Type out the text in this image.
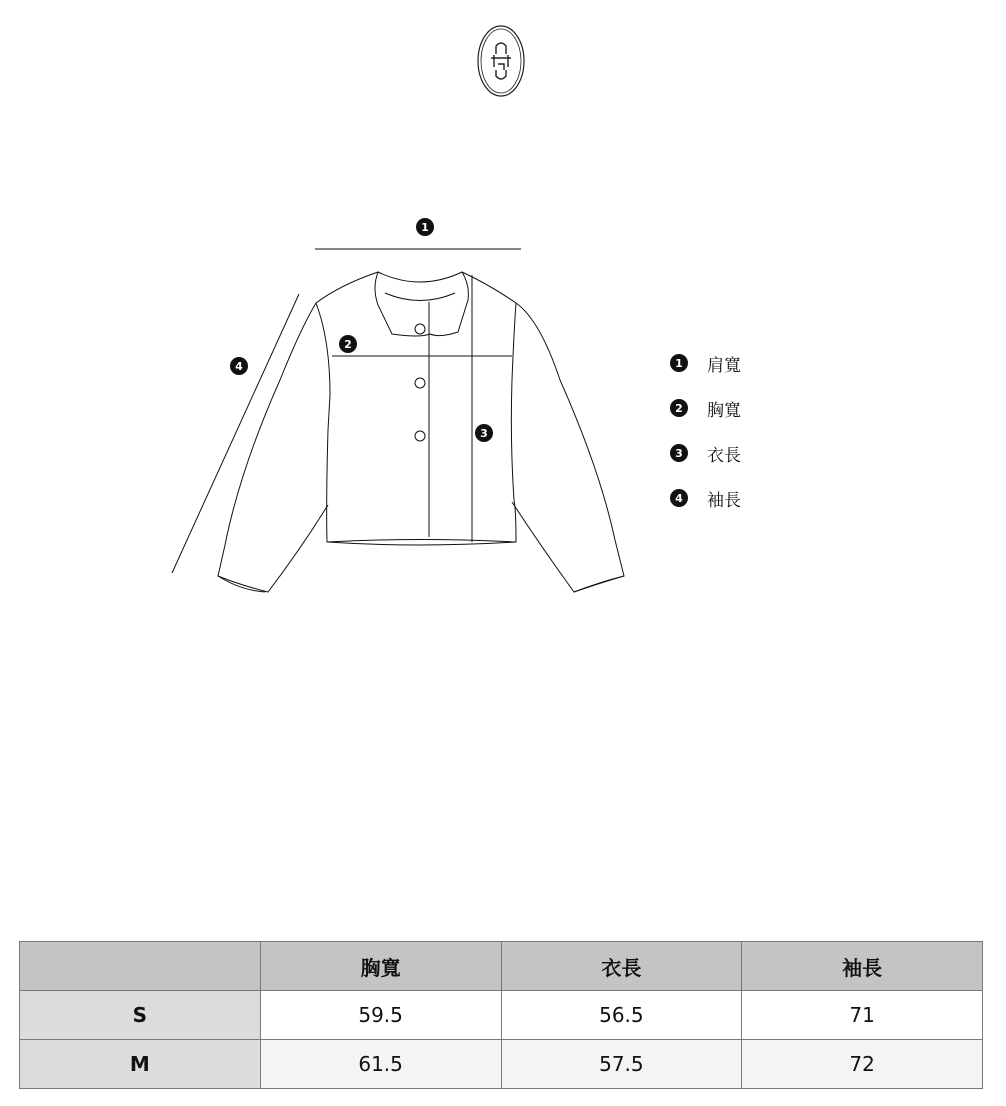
1
2
3
4	1	肩寬
2	胸寬
3	衣長
4	袖長
	胸寬	衣長	袖長
S	59.5	56.5	71
M	61.5	57.5	72
